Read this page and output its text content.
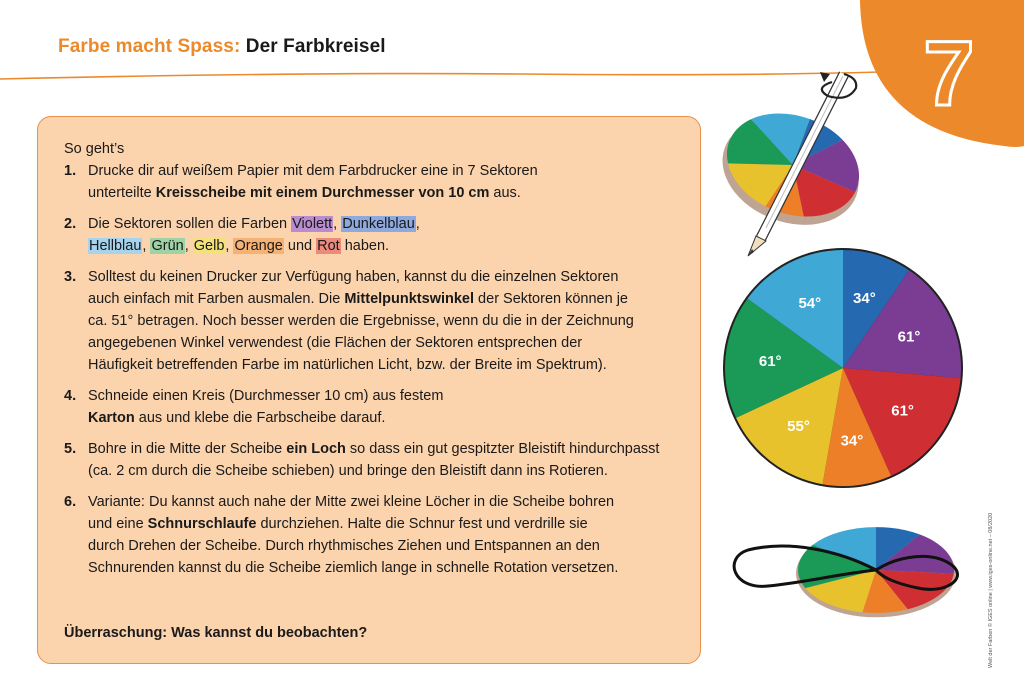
7
Farbe macht Spass: Der Farbkreisel

So geht’s

1. Drucke dir auf weißem Papier mit dem Farbdrucker eine in 7 Sektoren

unterteilte Kreisscheibe mit einem Durchmesser von 10 cm aus.

2. Die Sektoren sollen die Farben Violett, Dunkelblau,

Hellblau, Grün, Gelb, Orange und Rot haben.

3. Solltest du keinen Drucker zur Verfügung haben, kannst du die einzelnen Sektoren

auch einfach mit Farben ausmalen. Die Mittelpunktswinkel der Sektoren können je

ca. 51° betragen. Noch besser werden die Ergebnisse, wenn du die in der Zeichnung

angegebenen Winkel verwendest (die Flächen der Sektoren entsprechen der

Häufigkeit betreffenden Farbe im natürlichen Licht, bzw. der Breite im Spektrum).

4. Schneide einen Kreis (Durchmesser 10 cm) aus festem

Karton aus und klebe die Farbscheibe darauf.

5. Bohre in die Mitte der Scheibe ein Loch so dass ein gut gespitzter Bleistift hindurchpasst

(ca. 2 cm durch die Scheibe schieben) und bringe den Bleistift dann ins Rotieren.

6. Variante: Du kannst auch nahe der Mitte zwei kleine Löcher in die Scheibe bohren

und eine Schnurschlaufe durchziehen. Halte die Schnur fest und verdrille sie

durch Drehen der Scheibe. Durch rhythmisches Ziehen und Entspannen an den

Schnurenden kannst du die Scheibe ziemlich lange in schnelle Rotation versetzen.

Überraschung: Was kannst du beobachten?

34°
61°
61°
34°
55°
61°
54°
Welt der Farben © IGES online | www.iges-online.net – 08/2020
